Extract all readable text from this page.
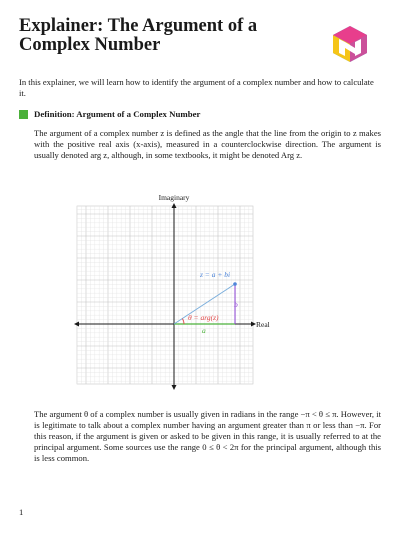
Explainer: The Argument of a Complex Number

In this explainer, we will learn how to identify the argument of a complex number and how to calculate it.

Definition: Argument of a Complex Number

The argument of a complex number z is defined as the angle that the line from the origin to z makes with the positive real axis (x-axis), measured in a counterclockwise direction. The argument is usually denoted arg z, although, in some textbooks, it might be denoted Arg z.

Imaginary
Real
z = a + bi
θ = arg(z)
a
b

The argument θ of a complex number is usually given in radians in the range −π < θ ≤ π. However, it is legitimate to talk about a complex number having an argument greater than π or less than −π. For this reason, if the argument is given or asked to be given in this range, it is usually referred to at the principal argument. Some sources use the range 0 ≤ θ < 2π for the principal argument, although this is less common.

1
